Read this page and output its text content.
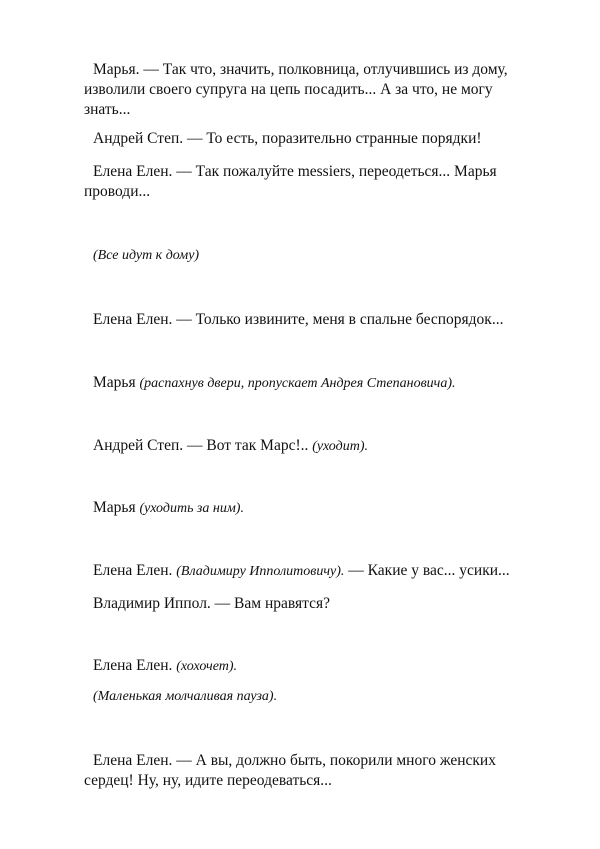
Марья. — Так что, значить, полковница, отлучившись из дому,

изволили своего супруга на цепь посадить... А за что, не могу

знать...

Андрей Степ. — То есть, поразительно странные порядки!

Елена Елен. — Так пожалуйте messiers, переодеться... Марья

проводи...

(Все идут к дому)

Елена Елен. — Только извините, меня в спальне беспорядок...

Марья (распахнув двери, пропускает Андрея Степановича).

Андрей Степ. — Вот так Марс!.. (уходит).

Марья (уходить за ним).

Елена Елен. (Владимиру Ипполитовичу). — Какие у вас... усики...

Владимир Иппол. — Вам нравятся?

Елена Елен. (хохочет).

(Маленькая молчаливая пауза).

Елена Елен. — А вы, должно быть, покорили много женских

сердец! Ну, ну, идите переодеваться...
